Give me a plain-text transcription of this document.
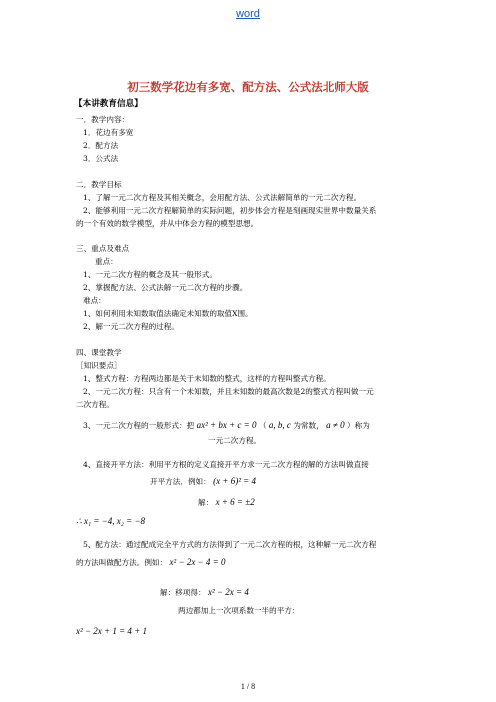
word
初三数学花边有多宽、配方法、公式法北师大版
【本讲教育信息】
一．教学内容：
1．花边有多宽
2．配方法
3．公式法
二．教学目标
1、了解一元二次方程及其相关概念，会用配方法、公式法解简单的一元二次方程。
2、能够利用一元二次方程解简单的实际问题，初步体会方程是刻画现实世界中数量关系
的一个有效的数学模型，并从中体会方程的模型思想。
三、重点及难点
重点：
1、一元二次方程的概念及其一般形式。
2、掌握配方法、公式法解一元二次方程的步骤。
难点：
1、如何利用未知数取值法确定未知数的取值X围。
2、解一元二次方程的过程。
四、课堂教学
［知识要点］
1、整式方程：方程两边都是关于未知数的整式，这样的方程叫整式方程。
2、一元二次方程：只含有一个未知数，并且未知数的最高次数是2的整式方程叫做一元
二次方程。
3、一元二次方程的一般形式：把 ax² + bx + c = 0 （ a, b, c 为常数， a ≠ 0 ）称为
一元二次方程。
4、直接开平方法：利用平方根的定义直接开平方求一元二次方程的解的方法叫做直接
开平方法．例如： (x + 6)² = 4
解： x + 6 = ±2
∴ x₁ = −4, x₂ = −8
5、配方法：通过配成完全平方式的方法得到了一元二次方程的根，这种解一元二次方程
的方法叫做配方法。例如： x² − 2x − 4 = 0
解：移项得： x² − 2x = 4
两边都加上一次项系数一半的平方：
x² − 2x + 1 = 4 + 1
1 / 8
